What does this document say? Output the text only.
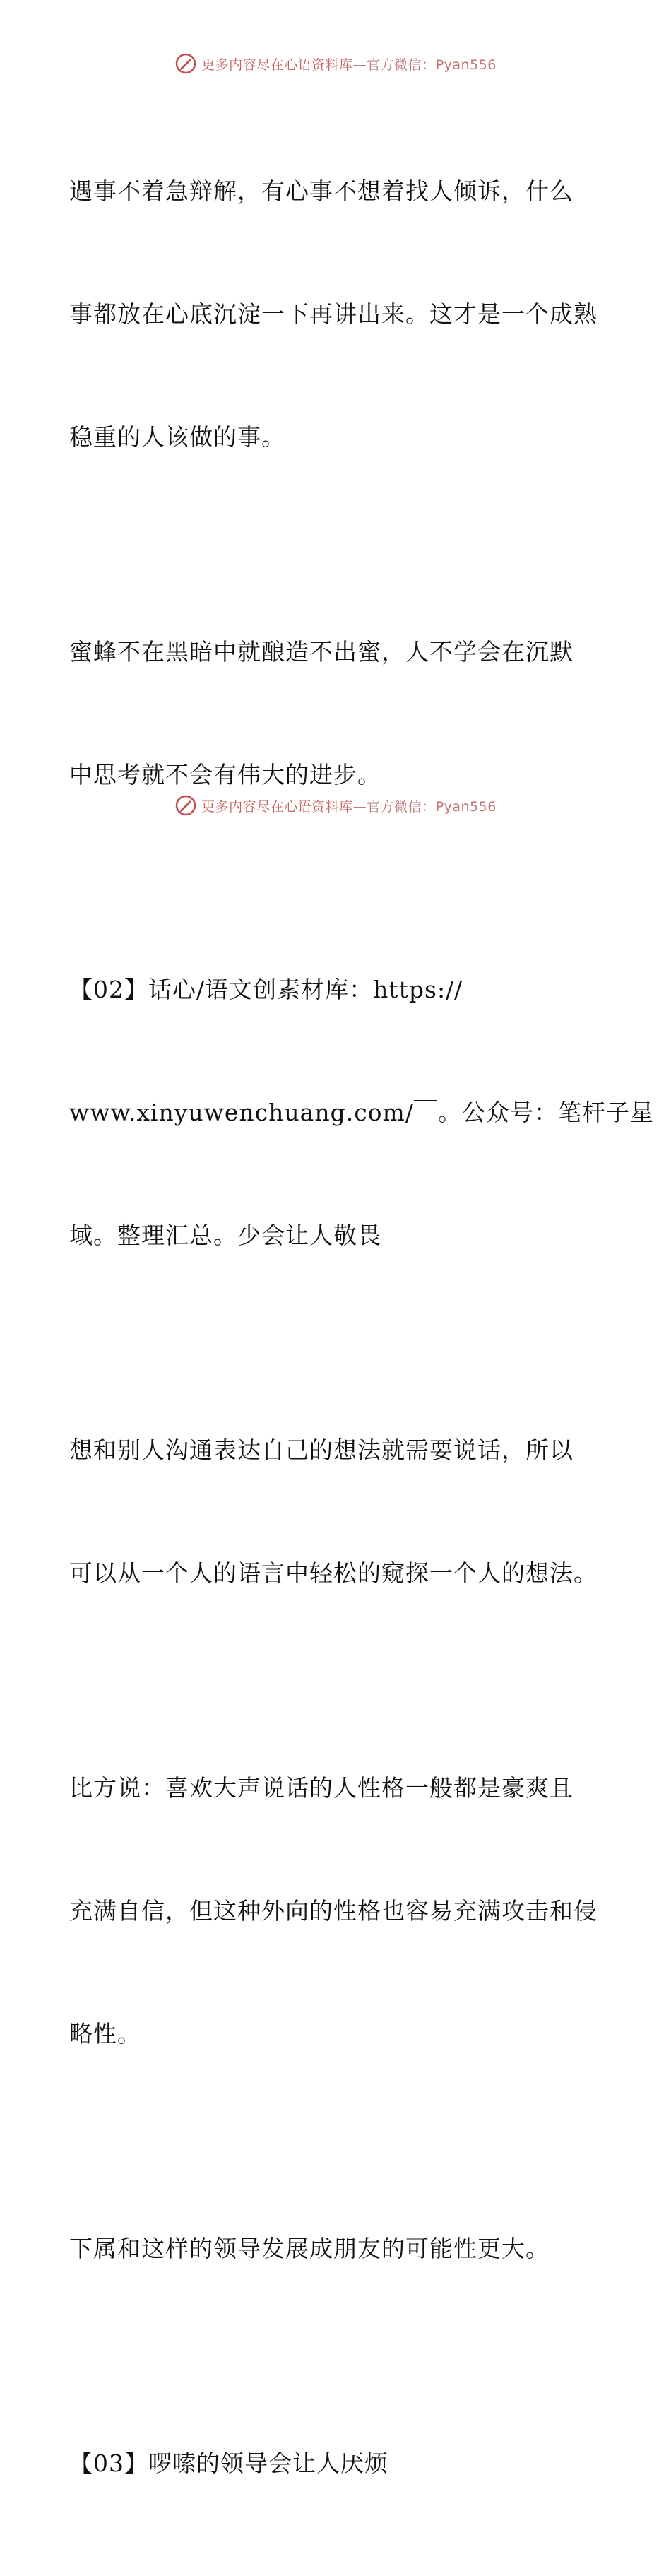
更多内容尽在心语资料库—官方微信：Pyan556

遇事不着急辩解，有心事不想着找人倾诉，什么

事都放在心底沉淀一下再讲出来。这才是一个成熟

稳重的人该做的事。

蜜蜂不在黑暗中就酿造不出蜜，人不学会在沉默

中思考就不会有伟大的进步。

【02】话心/语文创素材库：https://

www.xinyuwenchuang.com/￣。公众号：笔杆子星

域。整理汇总。少会让人敬畏

想和别人沟通表达自己的想法就需要说话，所以

可以从一个人的语言中轻松的窥探一个人的想法。

比方说：喜欢大声说话的人性格一般都是豪爽且

充满自信，但这种外向的性格也容易充满攻击和侵

略性。

下属和这样的领导发展成朋友的可能性更大。

【03】啰嗦的领导会让人厌烦

更多内容尽在心语资料库—官方微信：Pyan556
